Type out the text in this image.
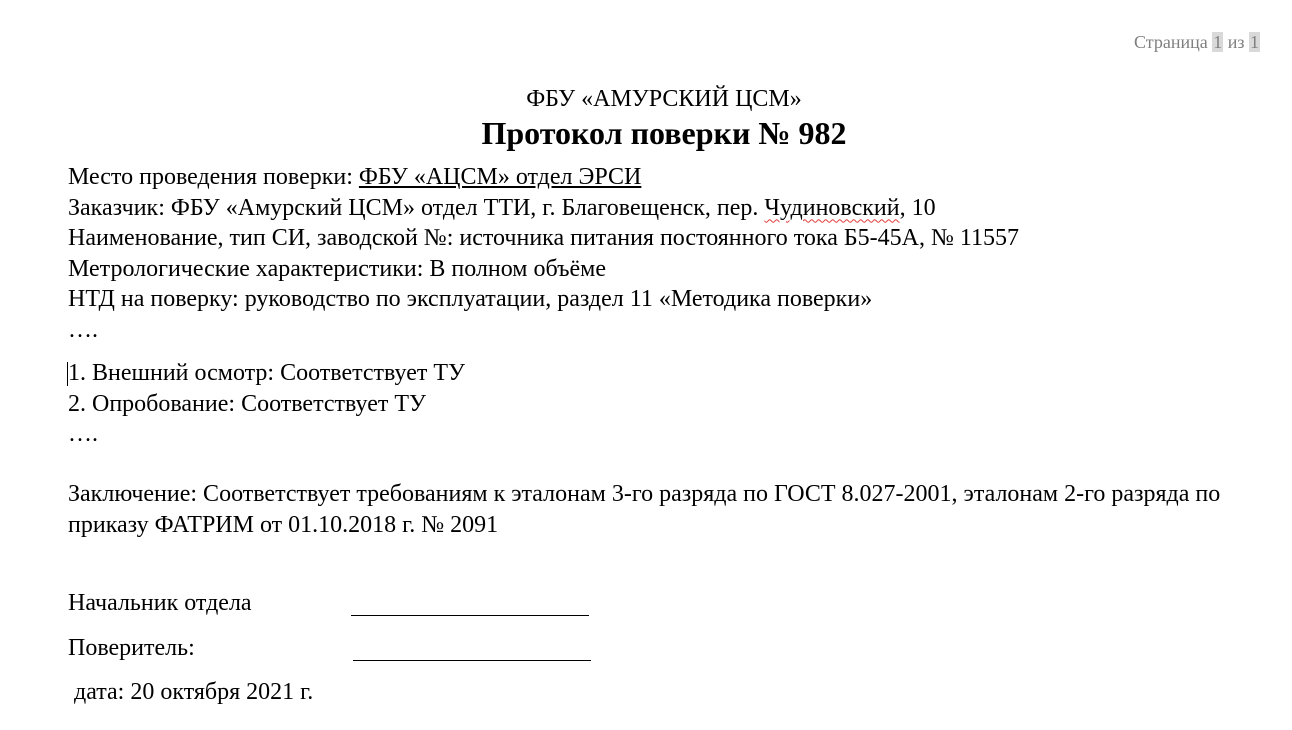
Страница 1 из 1
ФБУ «АМУРСКИЙ ЦСМ»
Протокол поверки № 982
Место проведения поверки: ФБУ «АЦСМ» отдел ЭРСИ
Заказчик: ФБУ «Амурский ЦСМ» отдел ТТИ, г. Благовещенск, пер. Чудиновский, 10
Наименование, тип СИ, заводской №: источника питания постоянного тока Б5-45А, № 11557
Метрологические характеристики: В полном объёме
НТД на поверку: руководство по эксплуатации, раздел 11 «Методика поверки»
….
1. Внешний осмотр: Соответствует ТУ
2. Опробование: Соответствует ТУ
….
Заключение: Соответствует требованиям к эталонам 3-го разряда по ГОСТ 8.027-2001, эталонам 2-го разряда по приказу ФАТРИМ от 01.10.2018 г. № 2091
Начальник отдела
Поверитель:
дата: 20 октября 2021 г.
